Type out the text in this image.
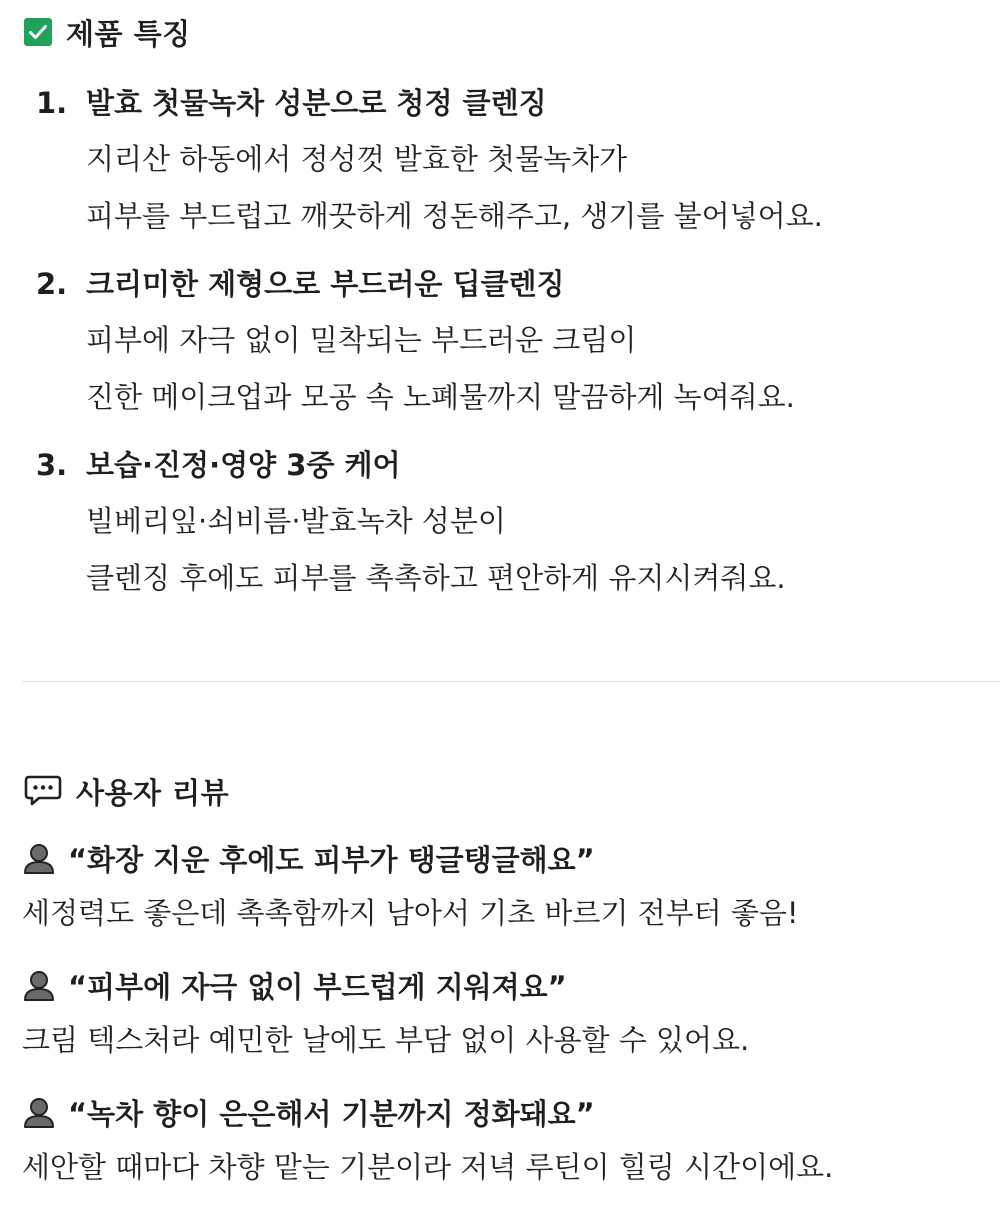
제품 특징
1. 발효 첫물녹차 성분으로 청정 클렌징
지리산 하동에서 정성껏 발효한 첫물녹차가
피부를 부드럽고 깨끗하게 정돈해주고, 생기를 불어넣어요.
2. 크리미한 제형으로 부드러운 딥클렌징
피부에 자극 없이 밀착되는 부드러운 크림이
진한 메이크업과 모공 속 노폐물까지 말끔하게 녹여줘요.
3. 보습·진정·영양 3중 케어
빌베리잎·쇠비름·발효녹차 성분이
클렌징 후에도 피부를 촉촉하고 편안하게 유지시켜줘요.
사용자 리뷰
“화장 지운 후에도 피부가 탱글탱글해요”
세정력도 좋은데 촉촉함까지 남아서 기초 바르기 전부터 좋음!
“피부에 자극 없이 부드럽게 지워져요”
크림 텍스처라 예민한 날에도 부담 없이 사용할 수 있어요.
“녹차 향이 은은해서 기분까지 정화돼요”
세안할 때마다 차향 맡는 기분이라 저녁 루틴이 힐링 시간이에요.
